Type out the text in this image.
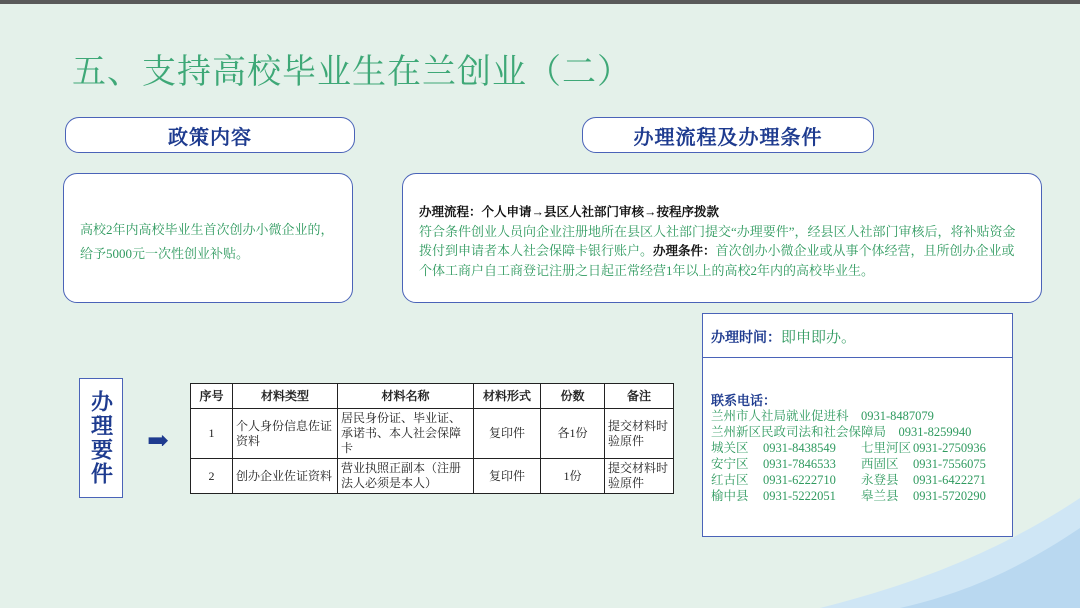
五、支持高校毕业生在兰创业（二）
政策内容	办理流程及办理条件
高校2年内高校毕业生首次创办小微企业的，给予5000元一次性创业补贴。
办理流程：个人申请→县区人社部门审核→按程序拨款
符合条件创业人员向企业注册地所在县区人社部门提交“办理要件”，经县区人社部门审核后，将补贴资金拨付到申请者本人社会保障卡银行账户。办理条件：首次创办小微企业或从事个体经营，且所创办企业或个体工商户自工商登记注册之日起正常经营1年以上的高校2年内的高校毕业生。
办理要件	➡
序号	材料类型	材料名称	材料形式	份数	备注
1	个人身份信息佐证资料	居民身份证、毕业证、承诺书、本人社会保障卡	复印件	各1份	提交材料时验原件
2	创办企业佐证资料	营业执照正副本（注册法人必须是本人）	复印件	1份	提交材料时验原件
办理时间：即申即办。
联系电话：
兰州市人社局就业促进科　0931-8487079
兰州新区民政司法和社会保障局　0931-8259940
城关区 0931-8438549	七里河区 0931-2750936
安宁区 0931-7846533	西固区 0931-7556075
红古区 0931-6222710	永登县 0931-6422271
榆中县 0931-5222051	皋兰县 0931-5720290
